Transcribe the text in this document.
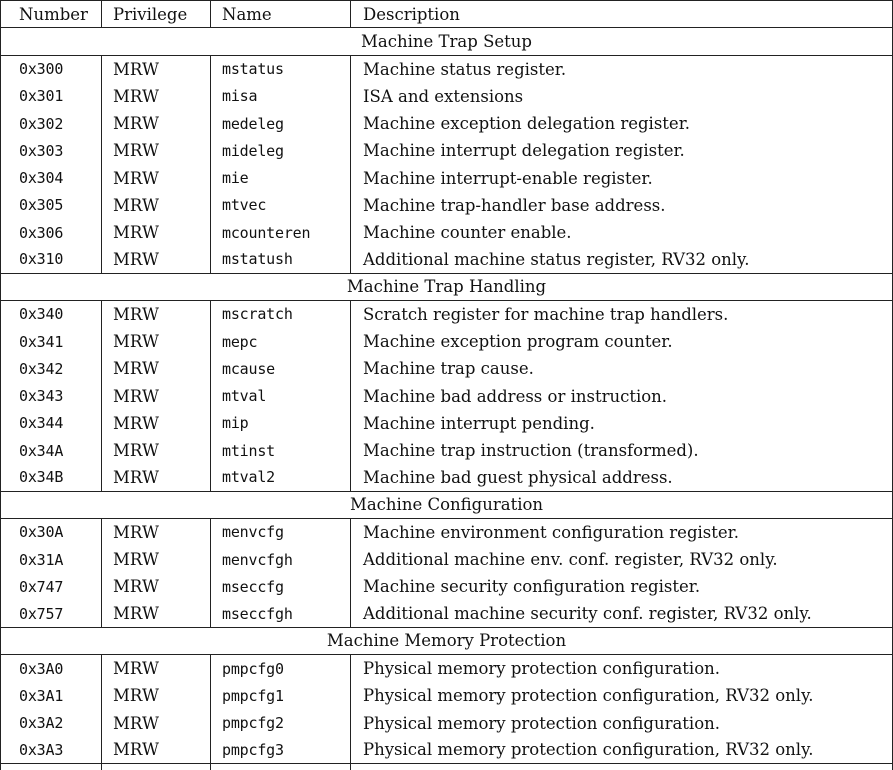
Number	Privilege	Name	Description
Machine Trap Setup
0x300	MRW	mstatus	Machine status register.
0x301	MRW	misa	ISA and extensions
0x302	MRW	medeleg	Machine exception delegation register.
0x303	MRW	mideleg	Machine interrupt delegation register.
0x304	MRW	mie	Machine interrupt-enable register.
0x305	MRW	mtvec	Machine trap-handler base address.
0x306	MRW	mcounteren	Machine counter enable.
0x310	MRW	mstatush	Additional machine status register, RV32 only.
Machine Trap Handling
0x340	MRW	mscratch	Scratch register for machine trap handlers.
0x341	MRW	mepc	Machine exception program counter.
0x342	MRW	mcause	Machine trap cause.
0x343	MRW	mtval	Machine bad address or instruction.
0x344	MRW	mip	Machine interrupt pending.
0x34A	MRW	mtinst	Machine trap instruction (transformed).
0x34B	MRW	mtval2	Machine bad guest physical address.
Machine Configuration
0x30A	MRW	menvcfg	Machine environment configuration register.
0x31A	MRW	menvcfgh	Additional machine env. conf. register, RV32 only.
0x747	MRW	mseccfg	Machine security configuration register.
0x757	MRW	mseccfgh	Additional machine security conf. register, RV32 only.
Machine Memory Protection
0x3A0	MRW	pmpcfg0	Physical memory protection configuration.
0x3A1	MRW	pmpcfg1	Physical memory protection configuration, RV32 only.
0x3A2	MRW	pmpcfg2	Physical memory protection configuration.
0x3A3	MRW	pmpcfg3	Physical memory protection configuration, RV32 only.
